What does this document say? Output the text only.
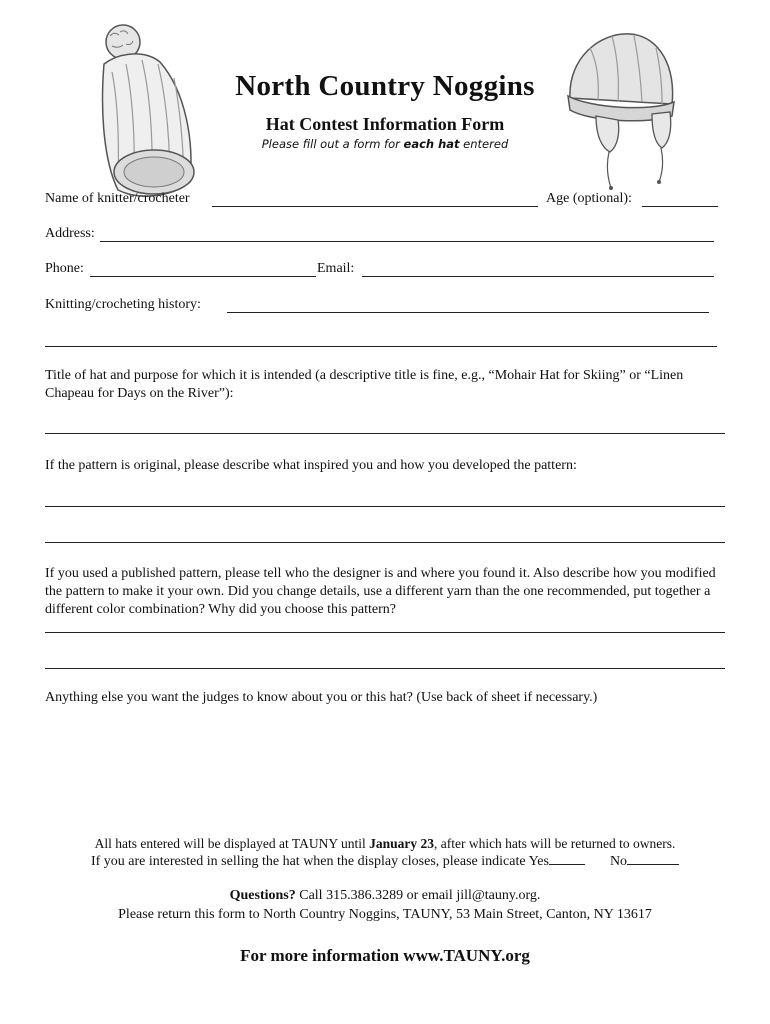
North Country Noggins
Hat Contest Information Form
Please fill out a form for each hat entered
Name of knitter/crocheter	Age (optional):
Address:
Phone:	Email:
Knitting/crocheting history:
Title of hat and purpose for which it is intended (a descriptive title is fine, e.g., “Mohair Hat for Skiing” or “Linen Chapeau for Days on the River”):
If the pattern is original, please describe what inspired you and how you developed the pattern:
If you used a published pattern, please tell who the designer is and where you found it. Also describe how you modified the pattern to make it your own. Did you change details, use a different yarn than the one recommended, put together a different color combination? Why did you choose this pattern?
Anything else you want the judges to know about you or this hat? (Use back of sheet if necessary.)
All hats entered will be displayed at TAUNY until January 23, after which hats will be returned to owners.
If you are interested in selling the hat when the display closes, please indicate Yes	No
Questions? Call 315.386.3289 or email jill@tauny.org.
Please return this form to North Country Noggins, TAUNY, 53 Main Street, Canton, NY 13617
For more information www.TAUNY.org
